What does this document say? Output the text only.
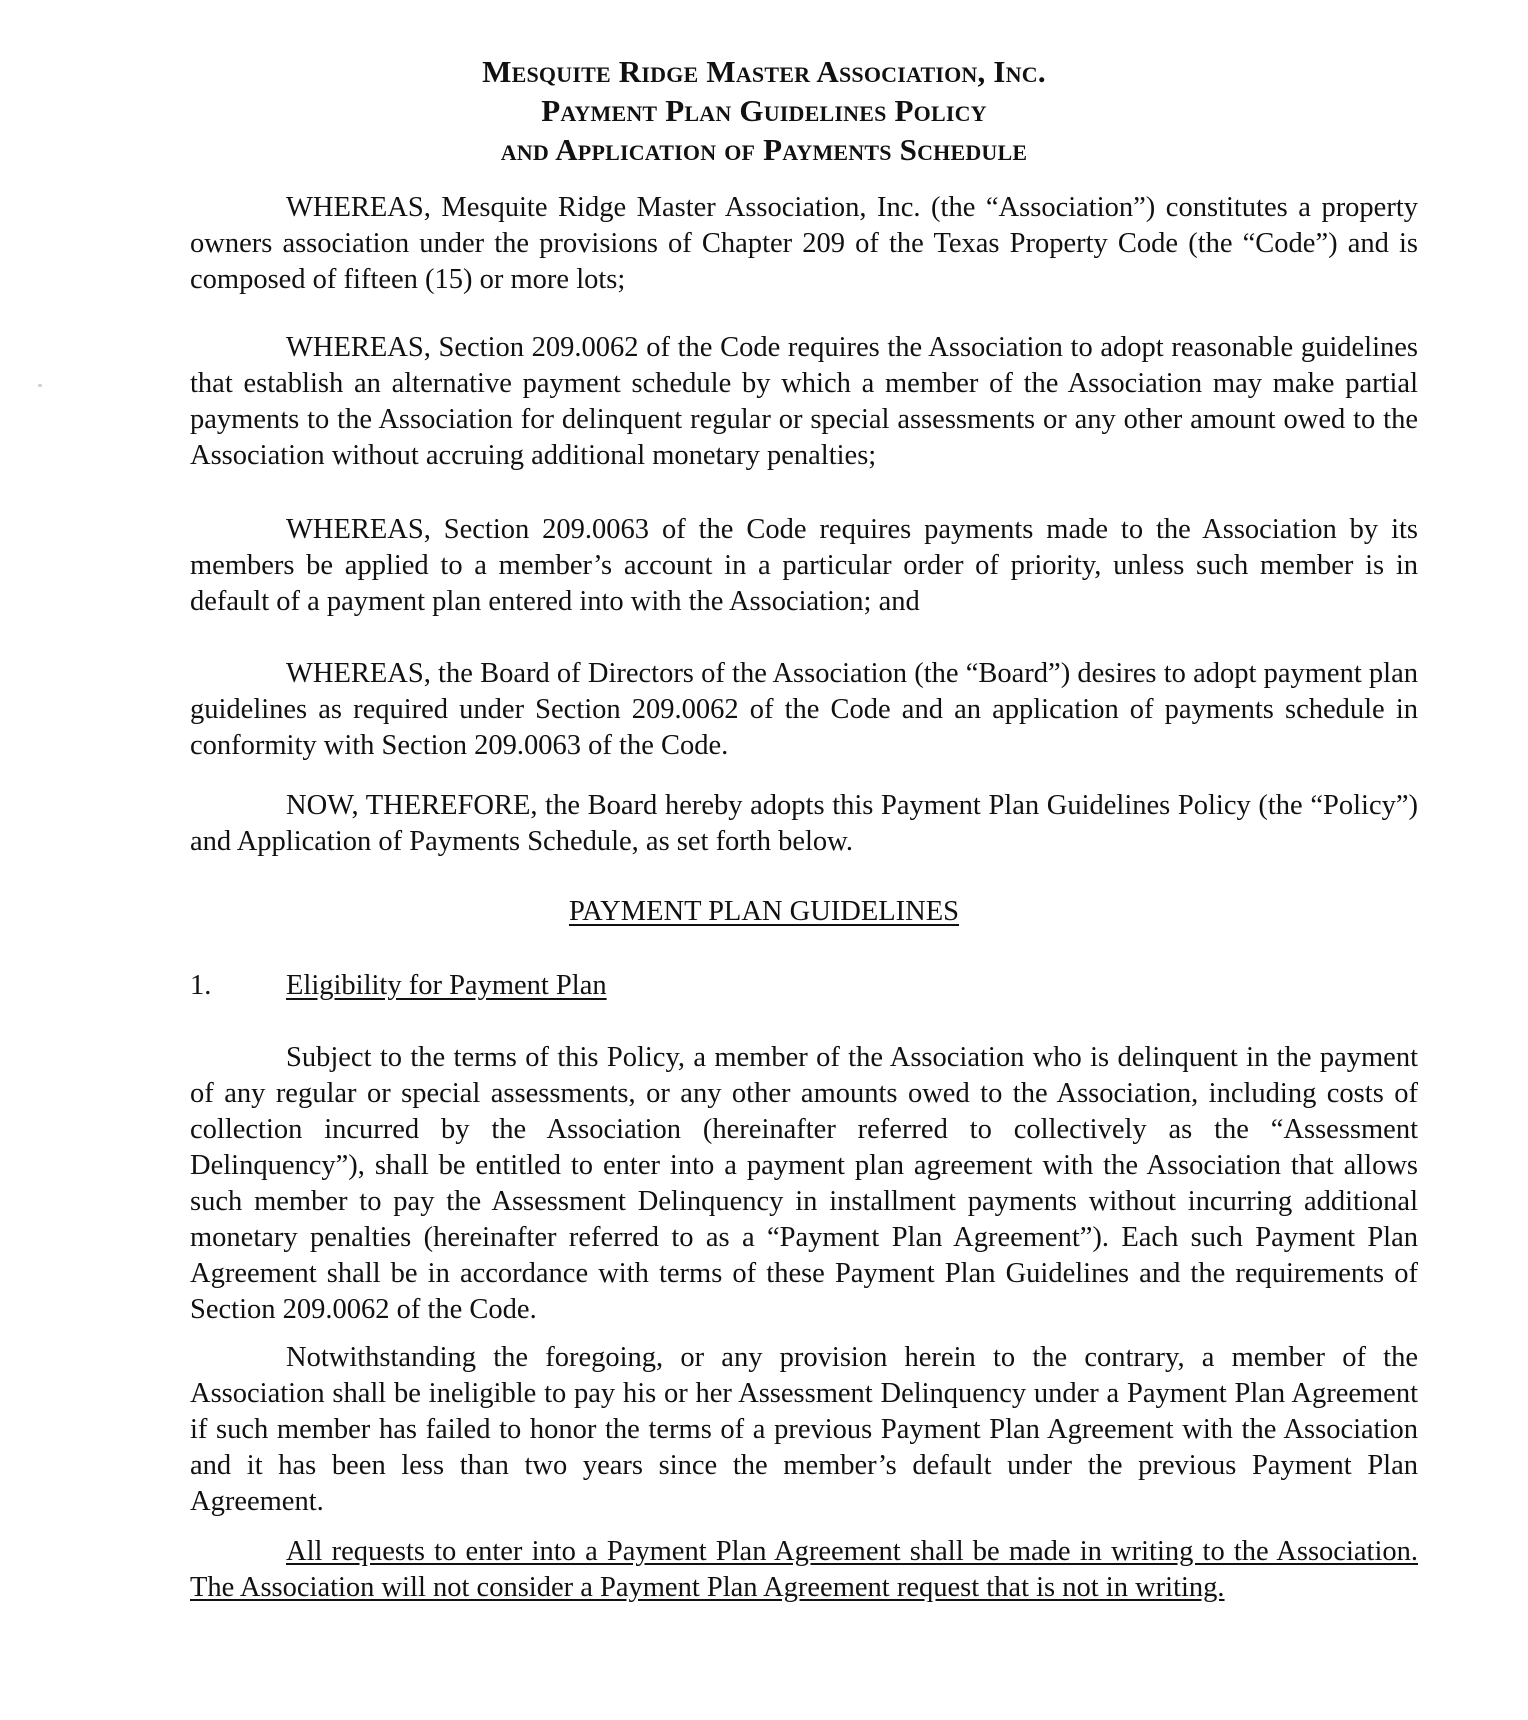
Mesquite Ridge Master Association, Inc.
Payment Plan Guidelines Policy
and Application of Payments Schedule

WHEREAS, Mesquite Ridge Master Association, Inc. (the “Association”) constitutes a property owners association under the provisions of Chapter 209 of the Texas Property Code (the “Code”) and is composed of fifteen (15) or more lots;

WHEREAS, Section 209.0062 of the Code requires the Association to adopt reasonable guidelines that establish an alternative payment schedule by which a member of the Association may make partial payments to the Association for delinquent regular or special assessments or any other amount owed to the Association without accruing additional monetary penalties;

WHEREAS, Section 209.0063 of the Code requires payments made to the Association by its members be applied to a member’s account in a particular order of priority, unless such member is in default of a payment plan entered into with the Association; and

WHEREAS, the Board of Directors of the Association (the “Board”) desires to adopt payment plan guidelines as required under Section 209.0062 of the Code and an application of payments schedule in conformity with Section 209.0063 of the Code.

NOW, THEREFORE, the Board hereby adopts this Payment Plan Guidelines Policy (the “Policy”) and Application of Payments Schedule, as set forth below.

PAYMENT PLAN GUIDELINES
1.	Eligibility for Payment Plan

Subject to the terms of this Policy, a member of the Association who is delinquent in the payment of any regular or special assessments, or any other amounts owed to the Association, including costs of collection incurred by the Association (hereinafter referred to collectively as the “Assessment Delinquency”), shall be entitled to enter into a payment plan agreement with the Association that allows such member to pay the Assessment Delinquency in installment payments without incurring additional monetary penalties (hereinafter referred to as a “Payment Plan Agreement”). Each such Payment Plan Agreement shall be in accordance with terms of these Payment Plan Guidelines and the requirements of Section 209.0062 of the Code.

Notwithstanding the foregoing, or any provision herein to the contrary, a member of the Association shall be ineligible to pay his or her Assessment Delinquency under a Payment Plan Agreement if such member has failed to honor the terms of a previous Payment Plan Agreement with the Association and it has been less than two years since the member’s default under the previous Payment Plan Agreement.

All requests to enter into a Payment Plan Agreement shall be made in writing to the Association. The Association will not consider a Payment Plan Agreement request that is not in writing.
